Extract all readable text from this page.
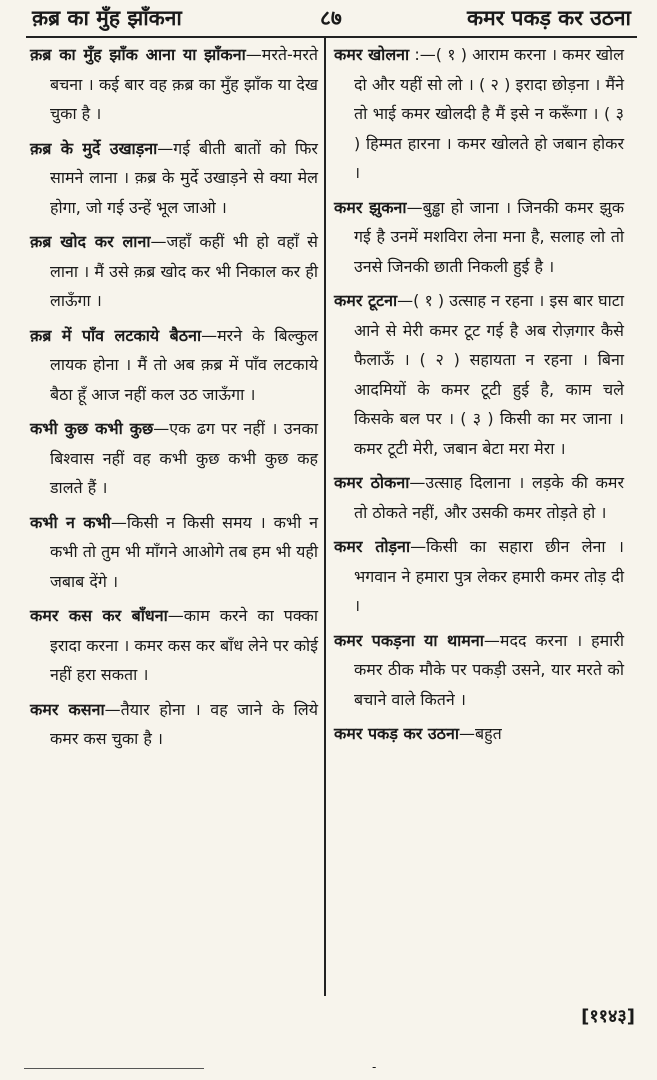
क़ब्र का मुँह झाँकना	८७	कमर पकड़ कर उठना

क़ब्र का मुँह झाँक आना या झाँकना—मरते-मरते बचना । कई बार वह क़ब्र का मुँह झाँक या देख चुका है ।

क़ब्र के मुर्दे उखाड़ना—गई बीती बातों को फिर सामने लाना । क़ब्र के मुर्दे उखाड़ने से क्या मेल होगा, जो गई उन्हें भूल जाओ ।

क़ब्र खोद कर लाना—जहाँ कहीं भी हो वहाँ से लाना । मैं उसे क़ब्र खोद कर भी निकाल कर ही लाऊँगा ।

क़ब्र में पाँव लटकाये बैठना—मरने के बिल्कुल लायक होना । मैं तो अब क़ब्र में पाँव लटकाये बैठा हूँ आज नहीं कल उठ जाऊँगा ।

कभी कुछ कभी कुछ—एक ढग पर नहीं । उनका बिश्वास नहीं वह कभी कुछ कभी कुछ कह डालते हैं ।

कभी न कभी—किसी न किसी समय । कभी न कभी तो तुम भी माँगने आओगे तब हम भी यही जबाब देंगे ।

कमर कस कर बाँधना—काम करने का पक्का इरादा करना । कमर कस कर बाँध लेने पर कोई नहीं हरा सकता ।

कमर कसना—तैयार होना । वह जाने के लिये कमर कस चुका है ।

कमर खोलना :—( १ ) आराम करना । कमर खोल दो और यहीं सो लो । ( २ ) इरादा छोड़ना । मैंने तो भाई कमर खोलदी है मैं इसे न करूँगा । ( ३ ) हिम्मत हारना । कमर खोलते हो जबान होकर ।

कमर झुकना—बुड्ढा हो जाना । जिनकी कमर झुक गई है उनमें मशविरा लेना मना है, सलाह लो तो उनसे जिनकी छाती निकली हुई है ।

कमर टूटना—( १ ) उत्साह न रहना । इस बार घाटा आने से मेरी कमर टूट गई है अब रोज़गार कैसे फैलाऊँ । ( २ ) सहायता न रहना । बिना आदमियों के कमर टूटी हुई है, काम चले किसके बल पर । ( ३ ) किसी का मर जाना । कमर टूटी मेरी, जबान बेटा मरा मेरा ।

कमर ठोकना—उत्साह दिलाना । लड़के की कमर तो ठोकते नहीं, और उसकी कमर तोड़ते हो ।

कमर तोड़ना—किसी का सहारा छीन लेना । भगवान ने हमारा पुत्र लेकर हमारी कमर तोड़ दी ।

कमर पकड़ना या थामना—मदद करना । हमारी कमर ठीक मौके पर पकड़ी उसने, यार मरते को बचाने वाले कितने ।

कमर पकड़ कर उठना—बहुत

[११४३]
-
